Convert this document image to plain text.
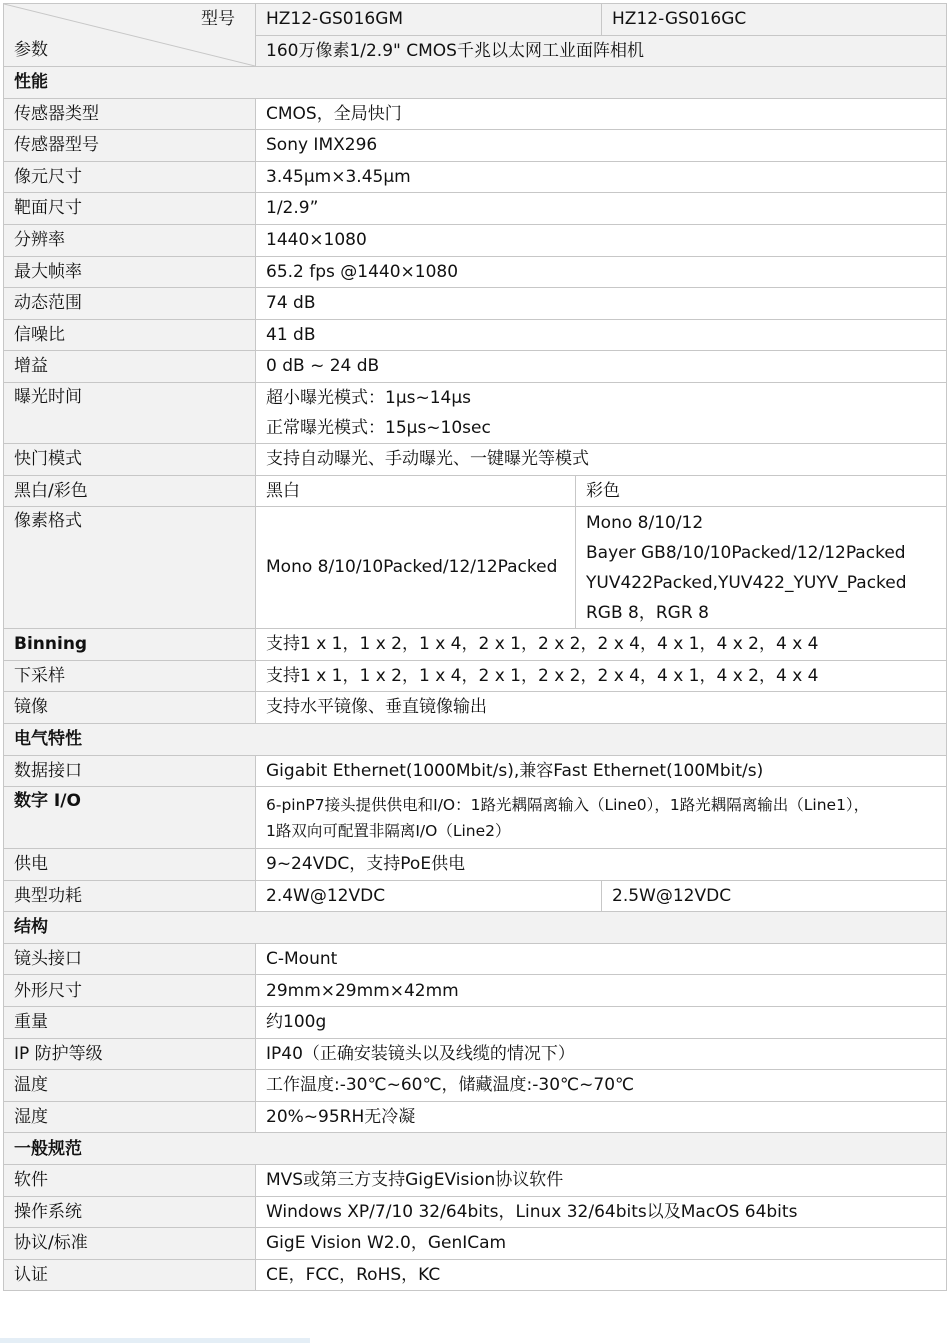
型号
参数	HZ12-GS016GM		HZ12-GS016GC
	160万像素1/2.9" CMOS千兆以太网工业面阵相机		
性能			
传感器类型	CMOS，全局快门		
传感器型号	Sony IMX296		
像元尺寸	3.45μm×3.45μm		
靶面尺寸	1/2.9”		
分辨率	1440×1080		
最大帧率	65.2 fps @1440×1080		
动态范围	74 dB		
信噪比	41 dB		
增益	0 dB ~ 24 dB		
曝光时间	超小曝光模式：1μs~14μs
正常曝光模式：15μs~10sec		

快门模式	支持自动曝光、手动曝光、一键曝光等模式		
黑白/彩色	黑白	彩色	
像素格式	Mono 8/10/10Packed/12/12Packed	Mono 8/10/12
Bayer GB8/10/10Packed/12/12Packed
YUV422Packed,YUV422_YUYV_Packed
RGB 8，RGR 8	

Binning	支持1 x 1，1 x 2，1 x 4，2 x 1，2 x 2，2 x 4，4 x 1，4 x 2，4 x 4		
下采样	支持1 x 1，1 x 2，1 x 4，2 x 1，2 x 2，2 x 4，4 x 1，4 x 2，4 x 4		
镜像	支持水平镜像、垂直镜像输出		
电气特性			
数据接口	Gigabit Ethernet(1000Mbit/s),兼容Fast Ethernet(100Mbit/s)		
数字 I/O	6-pinP7接头提供供电和I/O：1路光耦隔离输入（Line0），1路光耦隔离输出（Line1），
1路双向可配置非隔离I/O（Line2）		

供电	9~24VDC，支持PoE供电		
典型功耗	2.4W@12VDC		2.5W@12VDC
结构			
镜头接口	C-Mount		
外形尺寸	29mm×29mm×42mm		
重量	约100g		
IP 防护等级	IP40（正确安装镜头以及线缆的情况下）		
温度	工作温度:-30℃~60℃，储藏温度:-30℃~70℃		
湿度	20%~95RH无冷凝		
一般规范			
软件	MVS或第三方支持GigEVision协议软件		
操作系统	Windows XP/7/10 32/64bits，Linux 32/64bits以及MacOS 64bits		
协议/标准	GigE Vision W2.0，GenICam		
认证	CE，FCC，RoHS，KC		
